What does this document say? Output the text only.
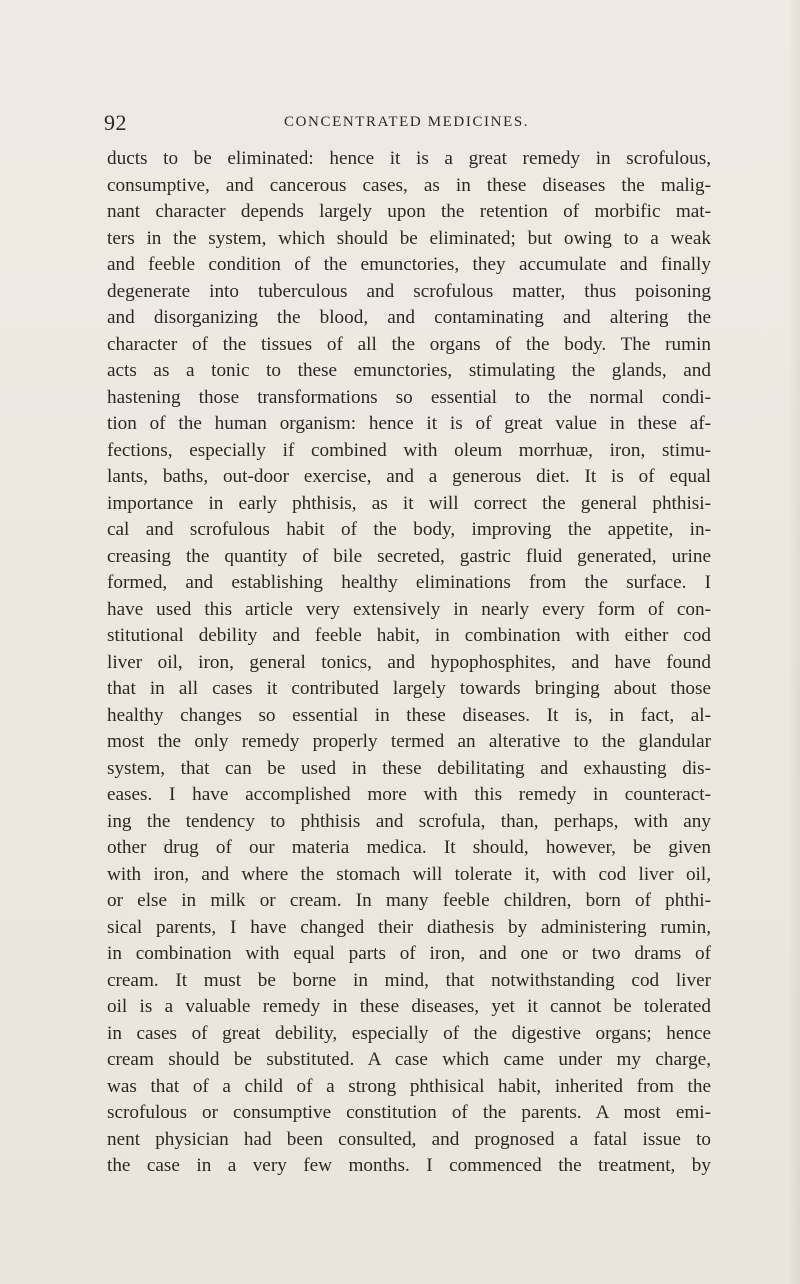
92	CONCENTRATED MEDICINES.
ducts to be eliminated: hence it is a great remedy in scrofulous,
consumptive, and cancerous cases, as in these diseases the malig-
nant character depends largely upon the retention of morbific mat-
ters in the system, which should be eliminated; but owing to a weak
and feeble condition of the emunctories, they accumulate and finally
degenerate into tuberculous and scrofulous matter, thus poisoning
and disorganizing the blood, and contaminating and altering the
character of the tissues of all the organs of the body. The rumin
acts as a tonic to these emunctories, stimulating the glands, and
hastening those transformations so essential to the normal condi-
tion of the human organism: hence it is of great value in these af-
fections, especially if combined with oleum morrhuæ, iron, stimu-
lants, baths, out-door exercise, and a generous diet. It is of equal
importance in early phthisis, as it will correct the general phthisi-
cal and scrofulous habit of the body, improving the appetite, in-
creasing the quantity of bile secreted, gastric fluid generated, urine
formed, and establishing healthy eliminations from the surface. I
have used this article very extensively in nearly every form of con-
stitutional debility and feeble habit, in combination with either cod
liver oil, iron, general tonics, and hypophosphites, and have found
that in all cases it contributed largely towards bringing about those
healthy changes so essential in these diseases. It is, in fact, al-
most the only remedy properly termed an alterative to the glandular
system, that can be used in these debilitating and exhausting dis-
eases. I have accomplished more with this remedy in counteract-
ing the tendency to phthisis and scrofula, than, perhaps, with any
other drug of our materia medica. It should, however, be given
with iron, and where the stomach will tolerate it, with cod liver oil,
or else in milk or cream. In many feeble children, born of phthi-
sical parents, I have changed their diathesis by administering rumin,
in combination with equal parts of iron, and one or two drams of
cream. It must be borne in mind, that notwithstanding cod liver
oil is a valuable remedy in these diseases, yet it cannot be tolerated
in cases of great debility, especially of the digestive organs; hence
cream should be substituted. A case which came under my charge,
was that of a child of a strong phthisical habit, inherited from the
scrofulous or consumptive constitution of the parents. A most emi-
nent physician had been consulted, and prognosed a fatal issue to
the case in a very few months. I commenced the treatment, by
